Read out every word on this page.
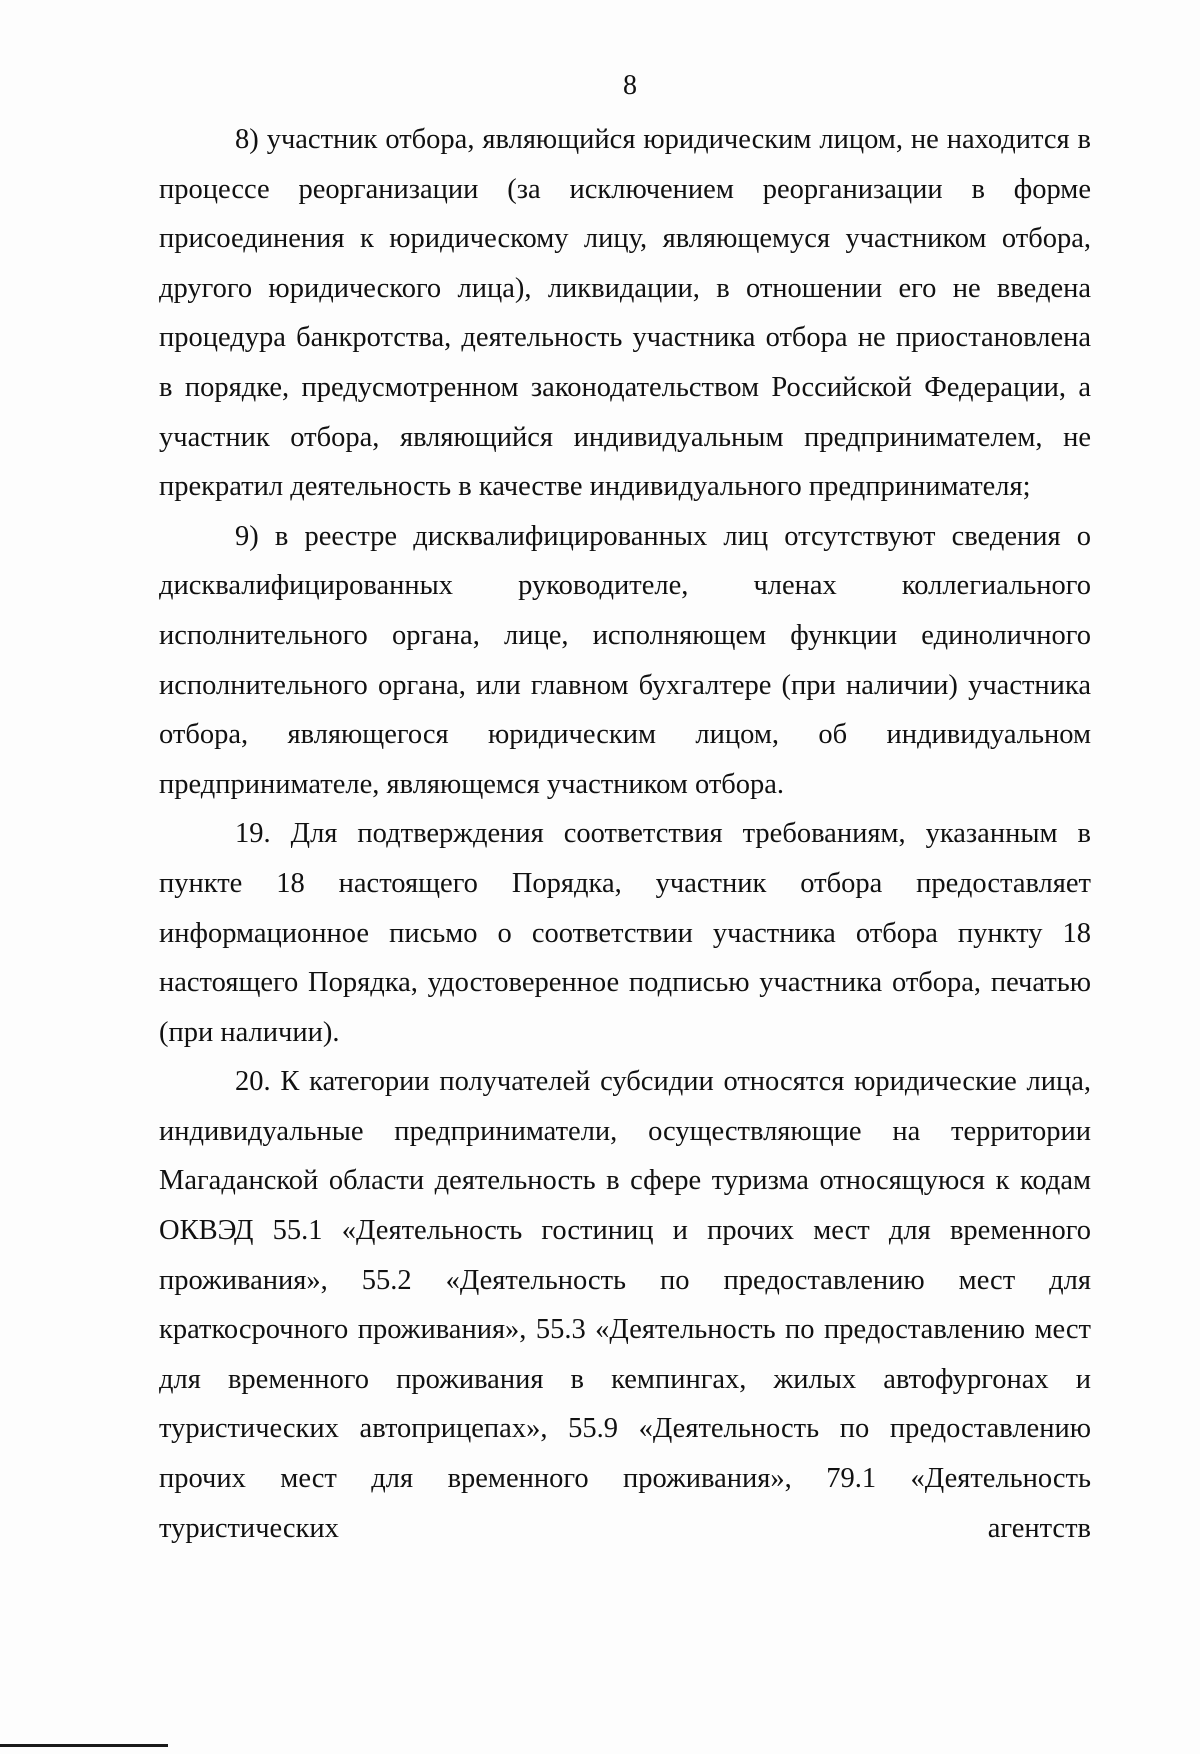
8

8) участник отбора, являющийся юридическим лицом, не находится в процессе реорганизации (за исключением реорганизации в форме присоединения к юридическому лицу, являющемуся участником отбора, другого юридического лица), ликвидации, в отношении его не введена процедура банкротства, деятельность участника отбора не приостановлена в порядке, предусмотренном законодательством Российской Федерации, а участник отбора, являющийся индивидуальным предпринимателем, не прекратил деятельность в качестве индивидуального предпринимателя;

9) в реестре дисквалифицированных лиц отсутствуют сведения о дисквалифицированных руководителе, членах коллегиального исполнительного органа, лице, исполняющем функции единоличного исполнительного органа, или главном бухгалтере (при наличии) участника отбора, являющегося юридическим лицом, об индивидуальном предпринимателе, являющемся участником отбора.

19. Для подтверждения соответствия требованиям, указанным в пункте 18 настоящего Порядка, участник отбора предоставляет информационное письмо о соответствии участника отбора пункту 18 настоящего Порядка, удостоверенное подписью участника отбора, печатью (при наличии).

20. К категории получателей субсидии относятся юридические лица, индивидуальные предприниматели, осуществляющие на территории Магаданской области деятельность в сфере туризма относящуюся к кодам ОКВЭД 55.1 «Деятельность гостиниц и прочих мест для временного проживания», 55.2 «Деятельность по предоставлению мест для краткосрочного проживания», 55.3 «Деятельность по предоставлению мест для временного проживания в кемпингах, жилых автофургонах и туристических автоприцепах», 55.9 «Деятельность по предоставлению прочих мест для временного проживания», 79.1 «Деятельность туристических агентств
